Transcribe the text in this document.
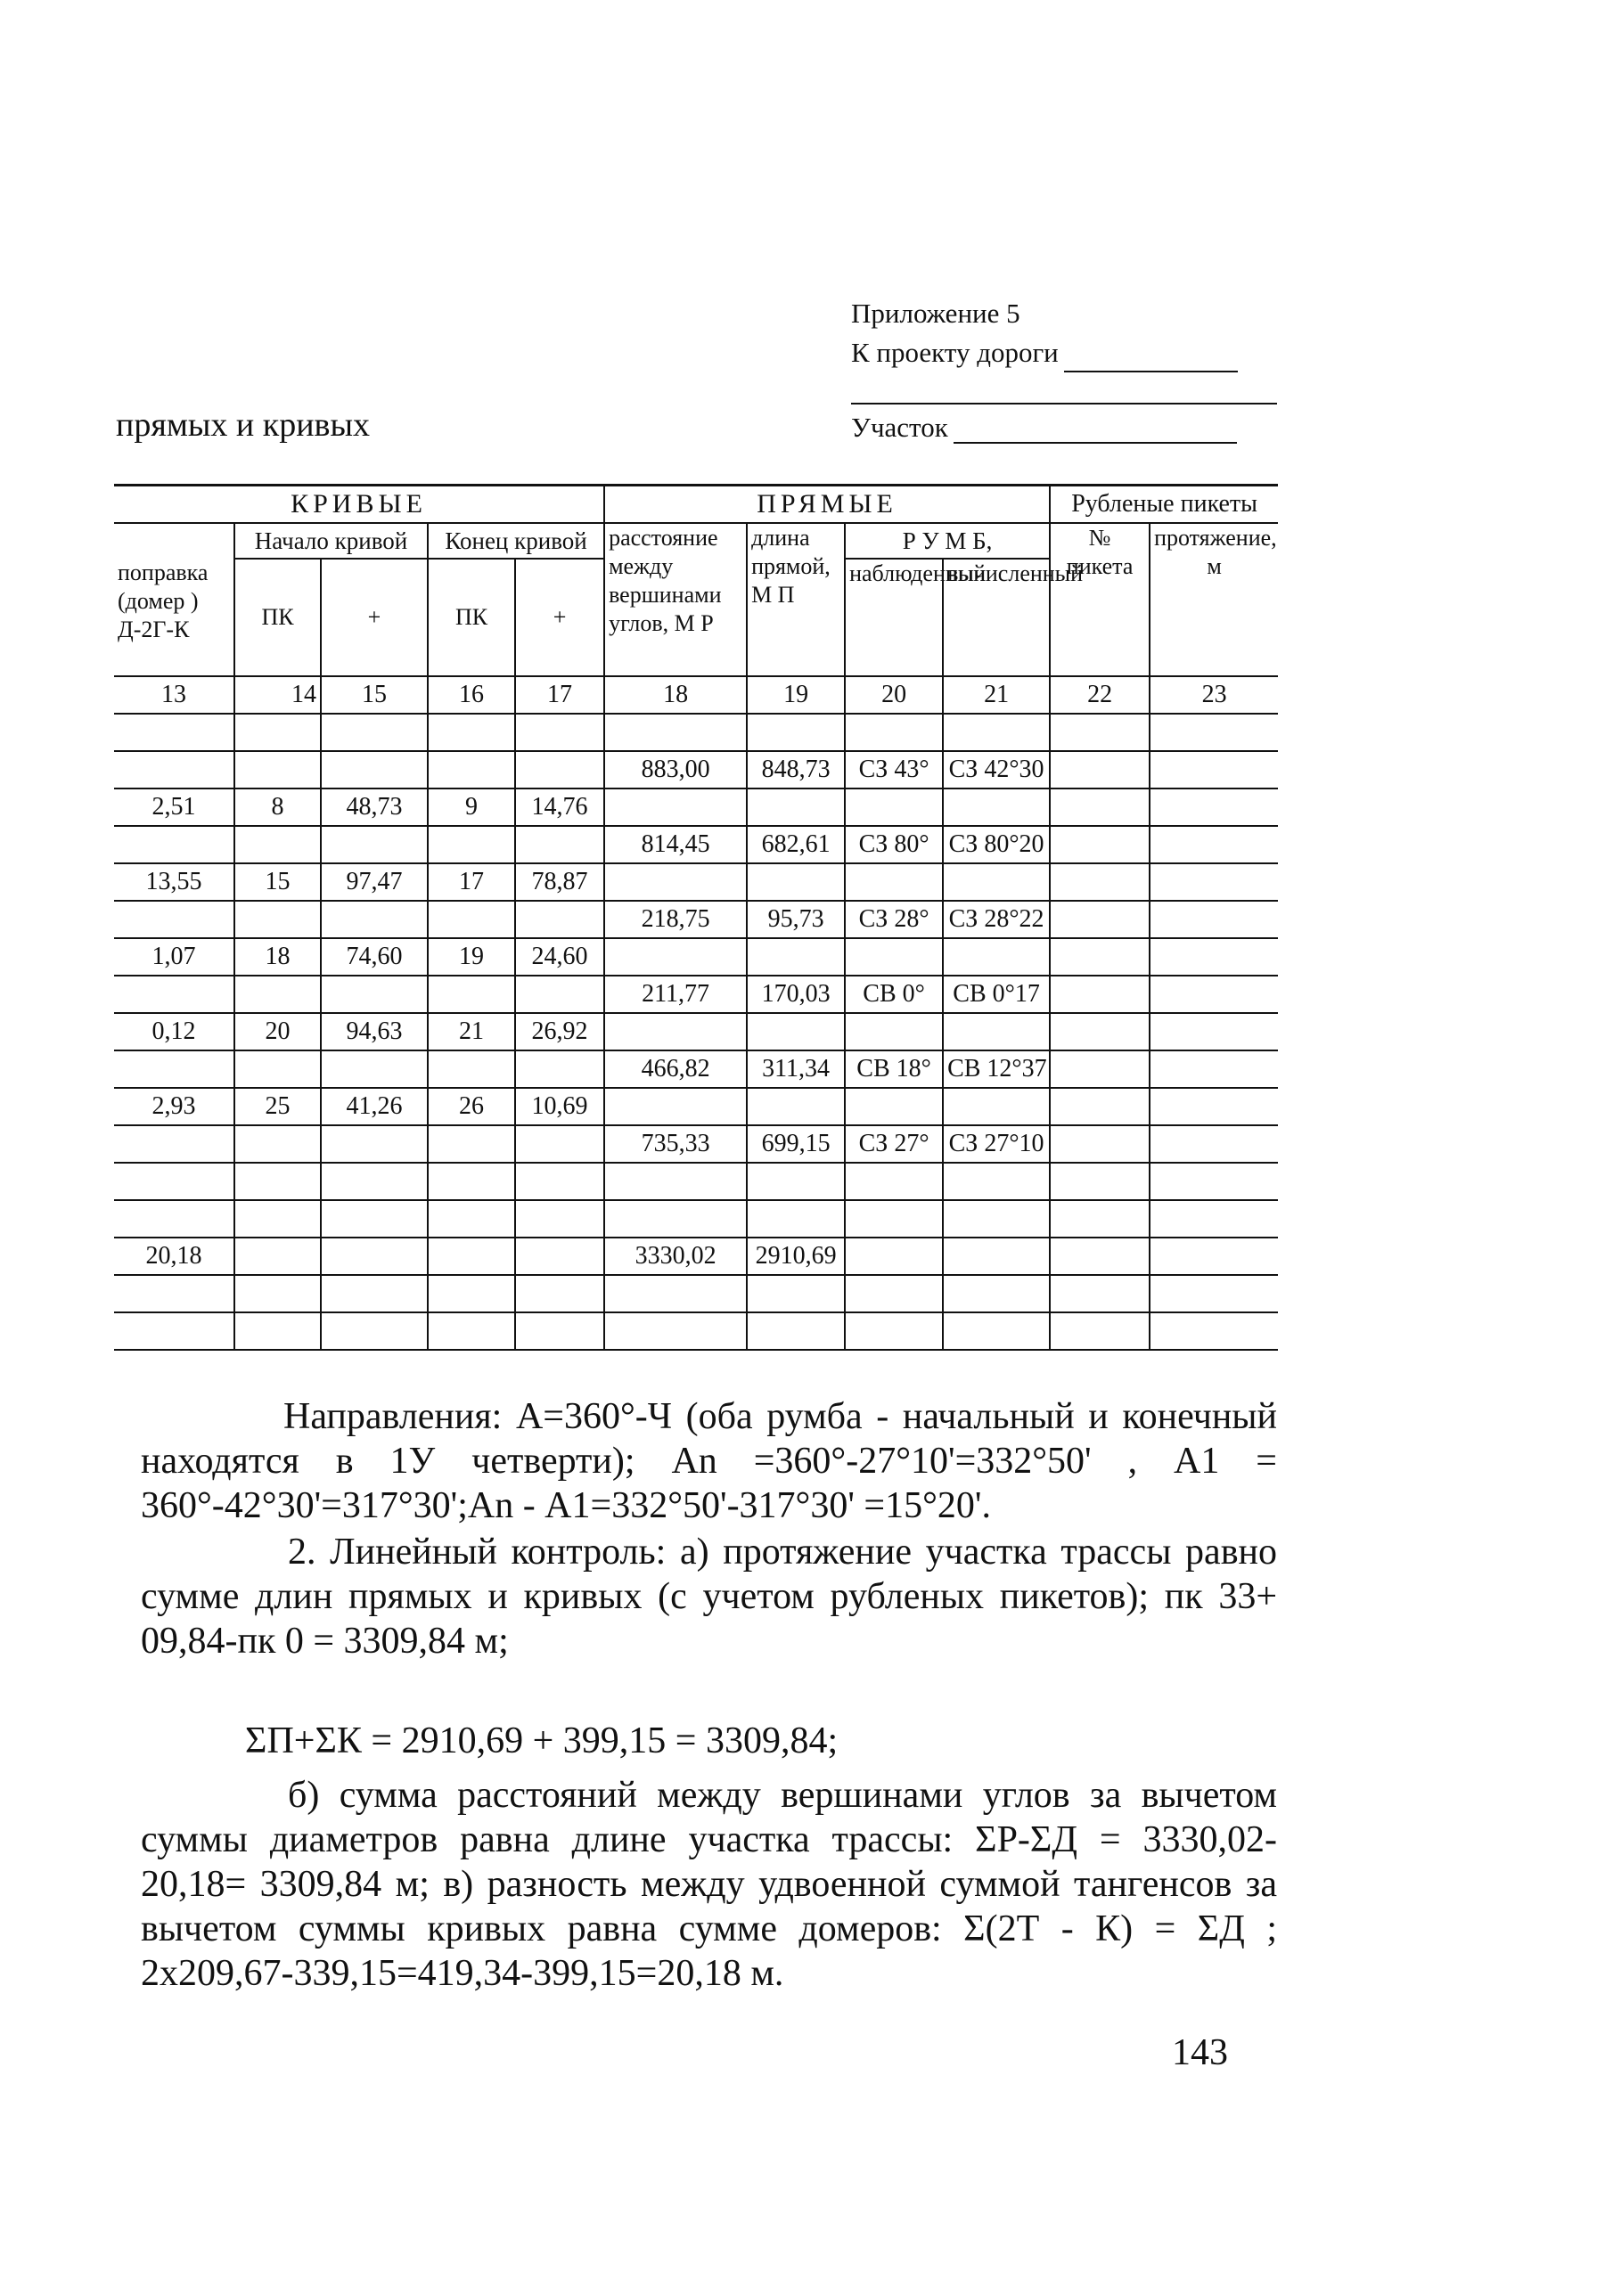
Приложение 5
К проекту дороги
прямых и кривых	Участок
КРИВЫЕ					ПРЯМЫЕ				Рубленые пикеты	
	Начало кривой		Конец кривой		расстояние между вершинами углов, М Р	длина прямой, М П	Р У М Б,		№ пикета	протяжение, м
поправка (домер ) Д-2Г-К	ПК	+	ПК	+			наблюденный	вычисленный		
13	14	15	16	17	18	19	20	21	22	23

					883,00	848,73	СЗ 43°	СЗ 42°30		
2,51	8	48,73	9	14,76						
					814,45	682,61	СЗ 80°	СЗ 80°20		
13,55	15	97,47	17	78,87						
					218,75	95,73	СЗ 28°	СЗ 28°22		
1,07	18	74,60	19	24,60						
					211,77	170,03	СВ 0°	СВ 0°17		
0,12	20	94,63	21	26,92						
					466,82	311,34	СВ 18°	СВ 12°37		
2,93	25	41,26	26	10,69						
					735,33	699,15	СЗ 27°	СЗ 27°10		

20,18					3330,02	2910,69				

Направления: А=360°-Ч (оба румба - начальный и конечный находятся в 1У четверти); Аn =360°-27°10'=332°50' , А1 = 360°-42°30'=317°30';Аn - А1=332°50'-317°30' =15°20'.
2. Линейный контроль: а) протяжение участка трассы равно сумме длин прямых и кривых (с учетом рубленых пикетов); пк 33+ 09,84-пк 0 = 3309,84 м;
ΣП+ΣК = 2910,69 + 399,15 = 3309,84;
б) сумма расстояний между вершинами углов за вычетом суммы диаметров равна длине участка трассы: ΣР-ΣД = 3330,02-20,18= 3309,84 м; в) разность между удвоенной суммой тангенсов за вычетом суммы кривых равна сумме домеров: Σ(2Т - К) = ΣД ; 2х209,67-339,15=419,34-399,15=20,18 м.
143
